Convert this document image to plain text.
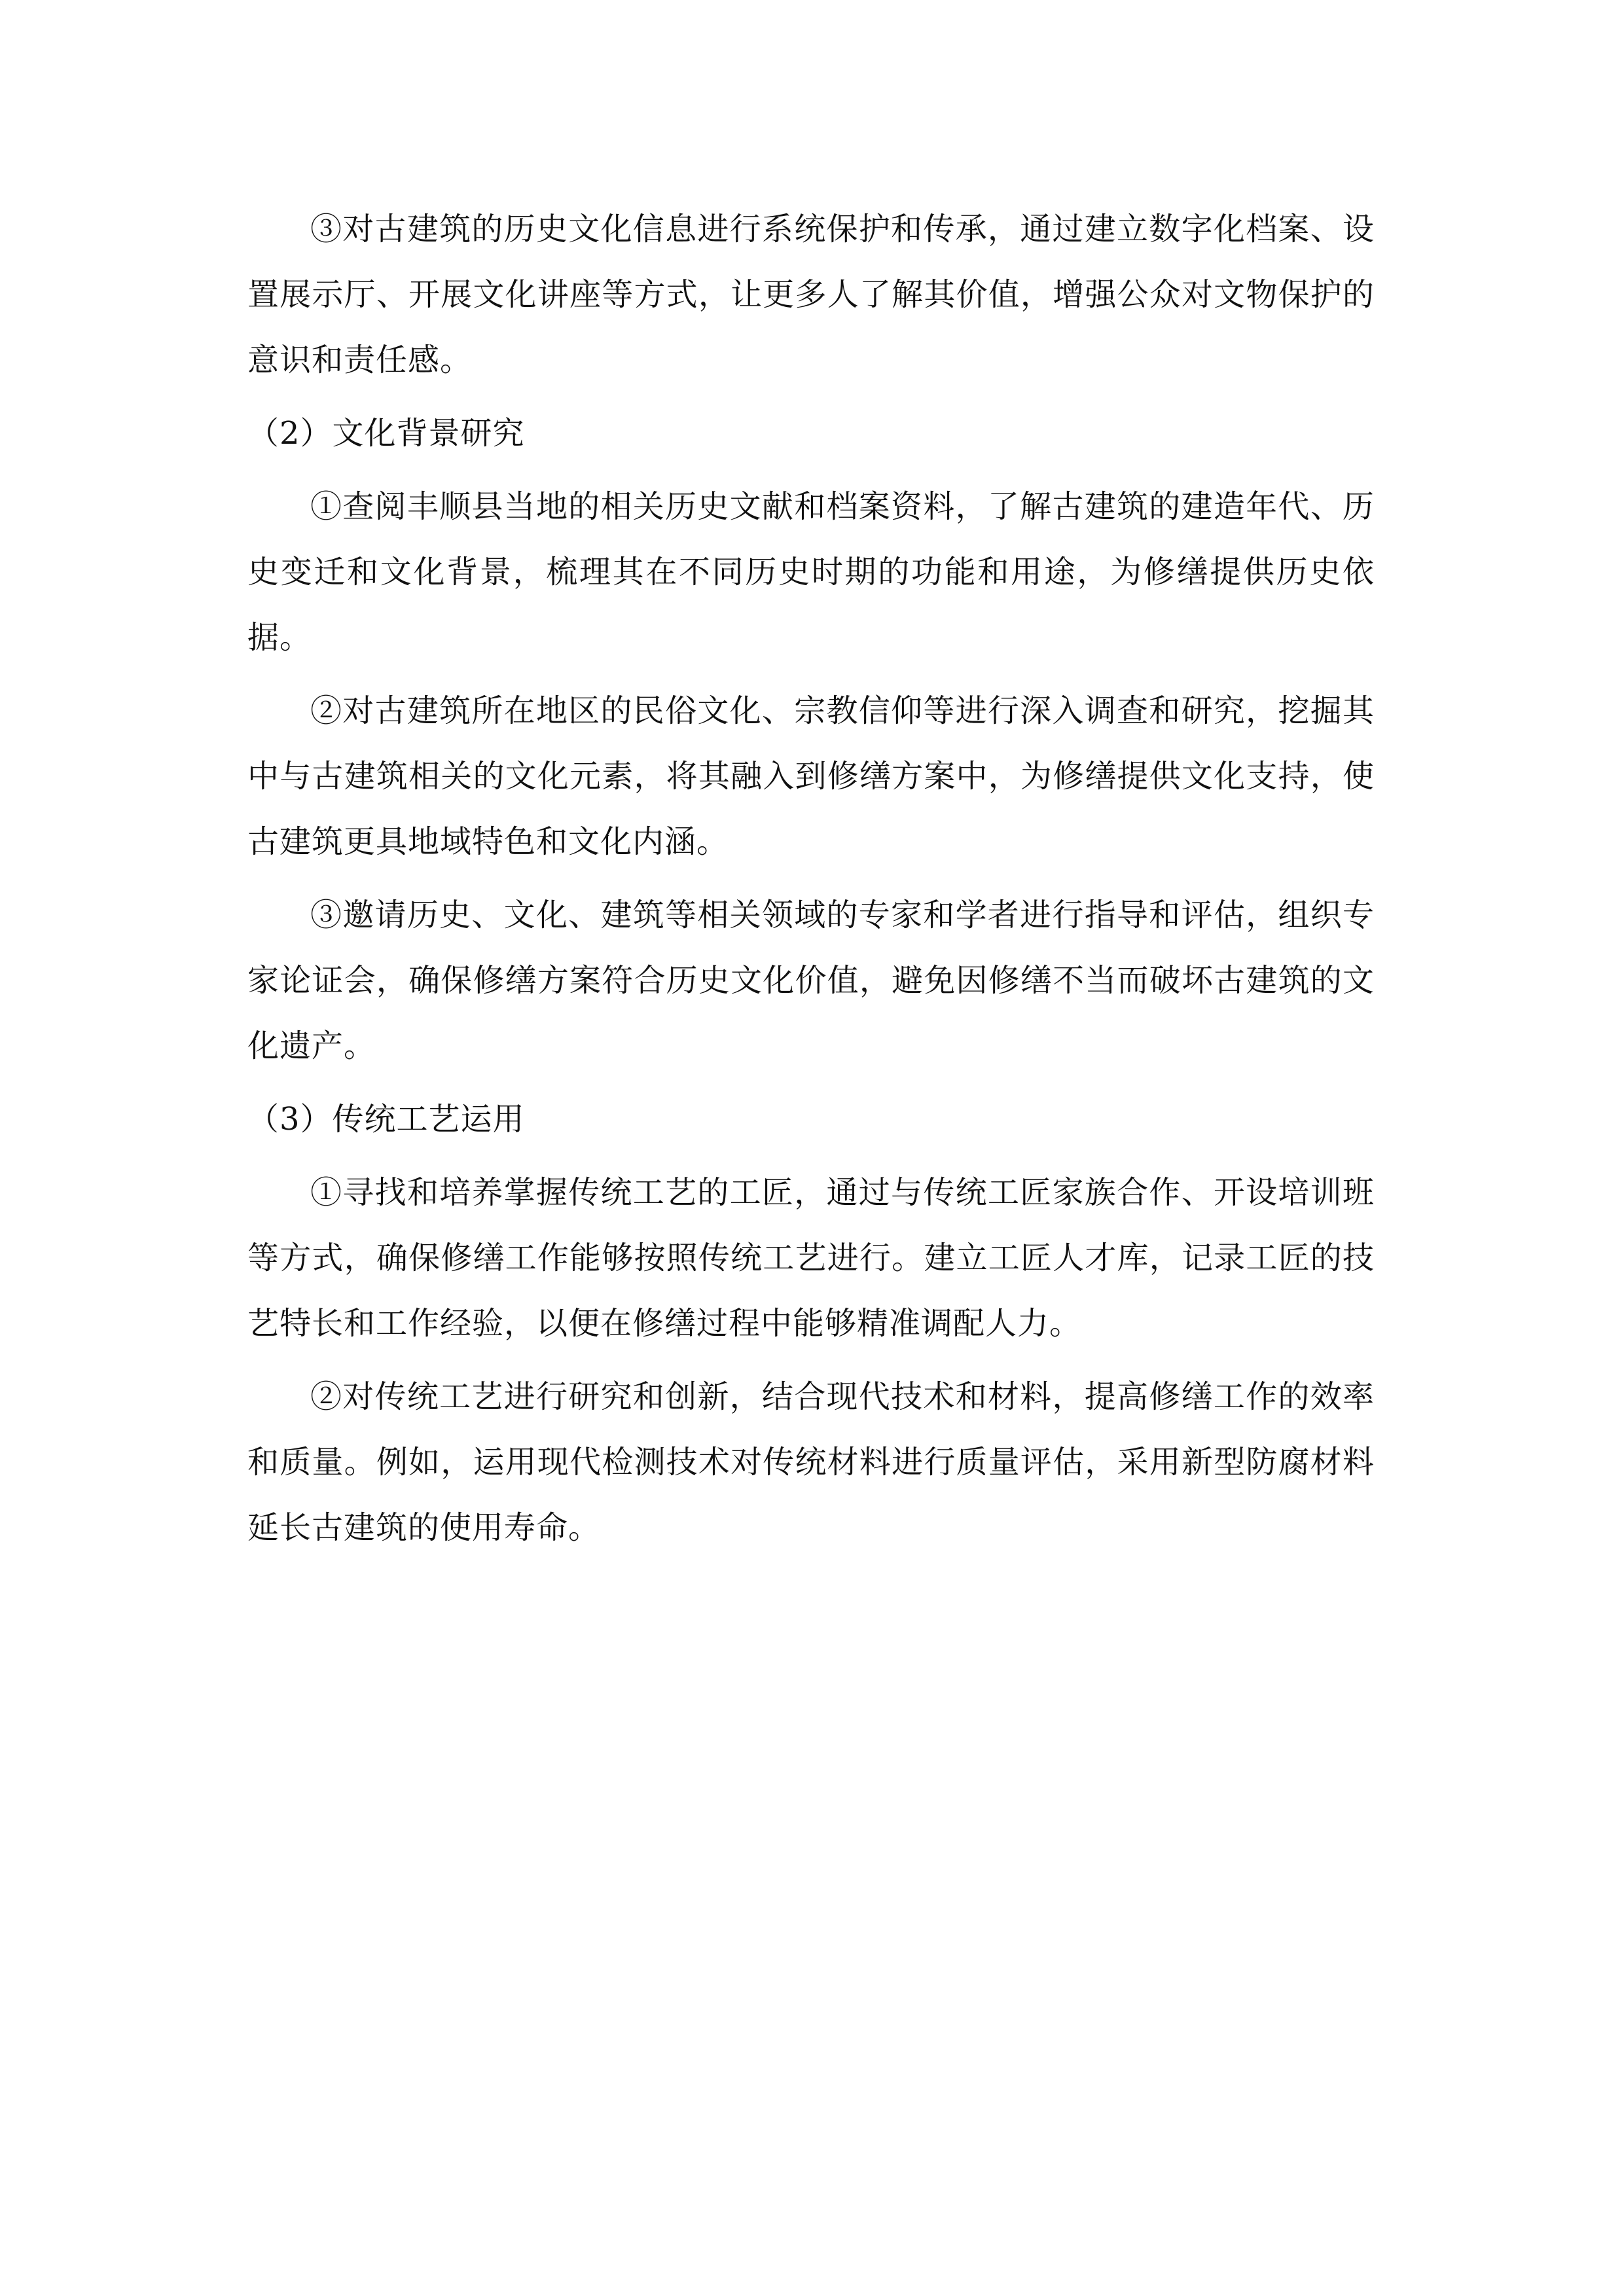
③对古建筑的历史文化信息进行系统保护和传承，通过建立数字化档案、设置展示厅、开展文化讲座等方式，让更多人了解其价值，增强公众对文物保护的意识和责任感。

（2）文化背景研究

①查阅丰顺县当地的相关历史文献和档案资料，了解古建筑的建造年代、历史变迁和文化背景，梳理其在不同历史时期的功能和用途，为修缮提供历史依据。

②对古建筑所在地区的民俗文化、宗教信仰等进行深入调查和研究，挖掘其中与古建筑相关的文化元素，将其融入到修缮方案中，为修缮提供文化支持，使古建筑更具地域特色和文化内涵。

③邀请历史、文化、建筑等相关领域的专家和学者进行指导和评估，组织专家论证会，确保修缮方案符合历史文化价值，避免因修缮不当而破坏古建筑的文化遗产。

（3）传统工艺运用

①寻找和培养掌握传统工艺的工匠，通过与传统工匠家族合作、开设培训班等方式，确保修缮工作能够按照传统工艺进行。建立工匠人才库，记录工匠的技艺特长和工作经验，以便在修缮过程中能够精准调配人力。

②对传统工艺进行研究和创新，结合现代技术和材料，提高修缮工作的效率和质量。例如，运用现代检测技术对传统材料进行质量评估，采用新型防腐材料延长古建筑的使用寿命。
